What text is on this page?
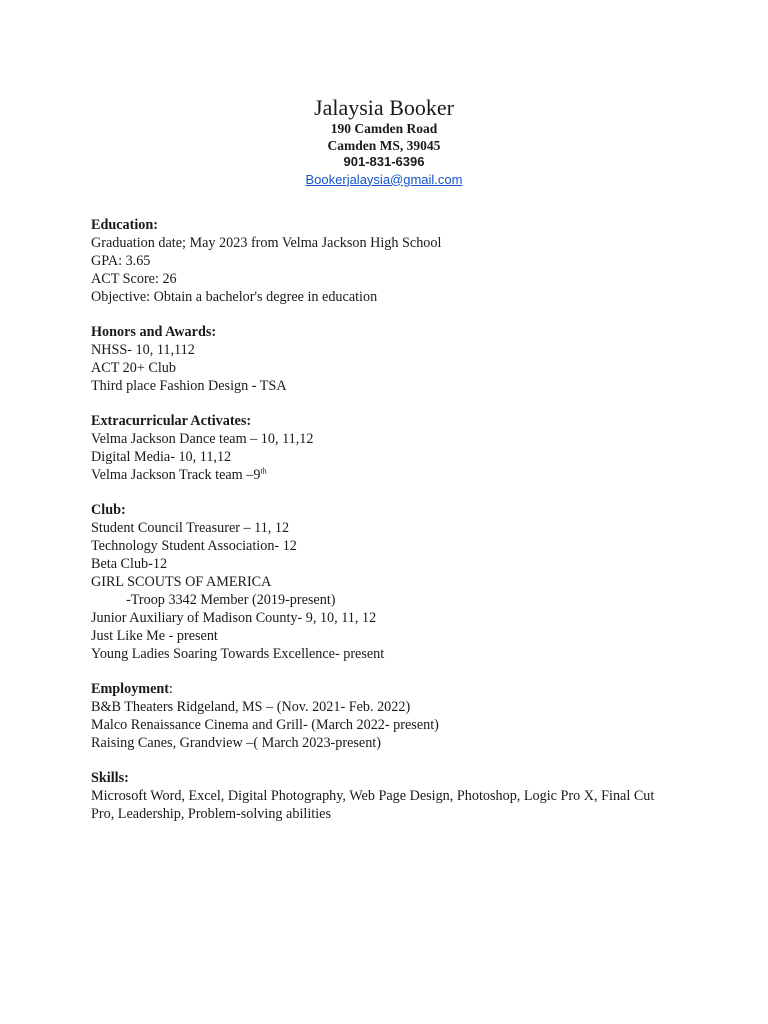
Jalaysia Booker
190 Camden Road
Camden MS, 39045
901-831-6396
Bookerjalaysia@gmail.com
Education:
Graduation date; May 2023 from Velma Jackson High School
GPA: 3.65
ACT Score: 26
Objective: Obtain a bachelor's degree in education
Honors and Awards:
NHSS- 10, 11,112
ACT 20+ Club
Third place Fashion Design - TSA
Extracurricular Activates:
Velma Jackson Dance team – 10, 11,12
Digital Media- 10, 11,12
Velma Jackson Track team –9th
Club:
Student Council Treasurer – 11, 12
Technology Student Association- 12
Beta Club-12
GIRL SCOUTS OF AMERICA
-Troop 3342 Member (2019-present)
Junior Auxiliary of Madison County- 9, 10, 11, 12
Just Like Me - present
Young Ladies Soaring Towards Excellence- present
Employment:
B&B Theaters Ridgeland, MS – (Nov. 2021- Feb. 2022)
Malco Renaissance Cinema and Grill- (March 2022- present)
Raising Canes, Grandview –( March 2023-present)
Skills:
Microsoft Word, Excel, Digital Photography, Web Page Design, Photoshop, Logic Pro X, Final Cut Pro, Leadership, Problem-solving abilities
